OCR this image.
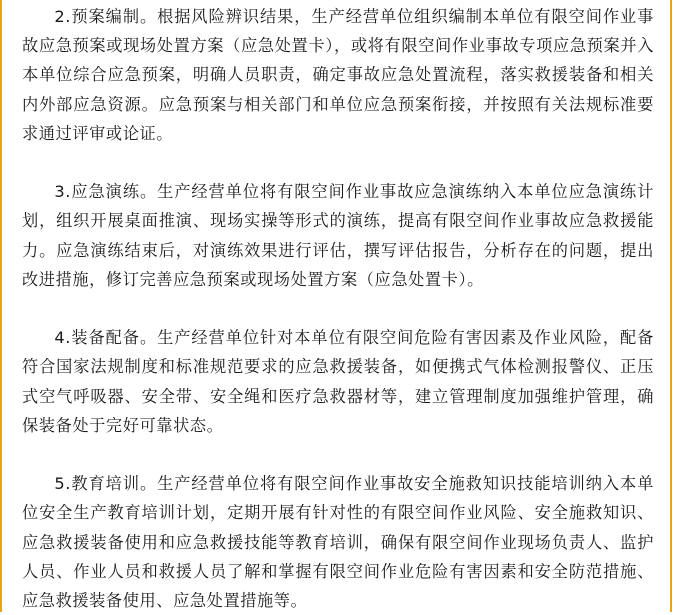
2.预案编制。根据风险辨识结果，生产经营单位组织编制本单位有限空间作业事故应急预案或现场处置方案（应急处置卡），或将有限空间作业事故专项应急预案并入本单位综合应急预案，明确人员职责，确定事故应急处置流程，落实救援装备和相关内外部应急资源。应急预案与相关部门和单位应急预案衔接，并按照有关法规标准要求通过评审或论证。

3.应急演练。生产经营单位将有限空间作业事故应急演练纳入本单位应急演练计划，组织开展桌面推演、现场实操等形式的演练，提高有限空间作业事故应急救援能力。应急演练结束后，对演练效果进行评估，撰写评估报告，分析存在的问题，提出改进措施，修订完善应急预案或现场处置方案（应急处置卡）。

4.装备配备。生产经营单位针对本单位有限空间危险有害因素及作业风险，配备符合国家法规制度和标准规范要求的应急救援装备，如便携式气体检测报警仪、正压式空气呼吸器、安全带、安全绳和医疗急救器材等，建立管理制度加强维护管理，确保装备处于完好可靠状态。

5.教育培训。生产经营单位将有限空间作业事故安全施救知识技能培训纳入本单位安全生产教育培训计划，定期开展有针对性的有限空间作业风险、安全施救知识、应急救援装备使用和应急救援技能等教育培训，确保有限空间作业现场负责人、监护人员、作业人员和救援人员了解和掌握有限空间作业危险有害因素和安全防范措施、应急救援装备使用、应急处置措施等。
